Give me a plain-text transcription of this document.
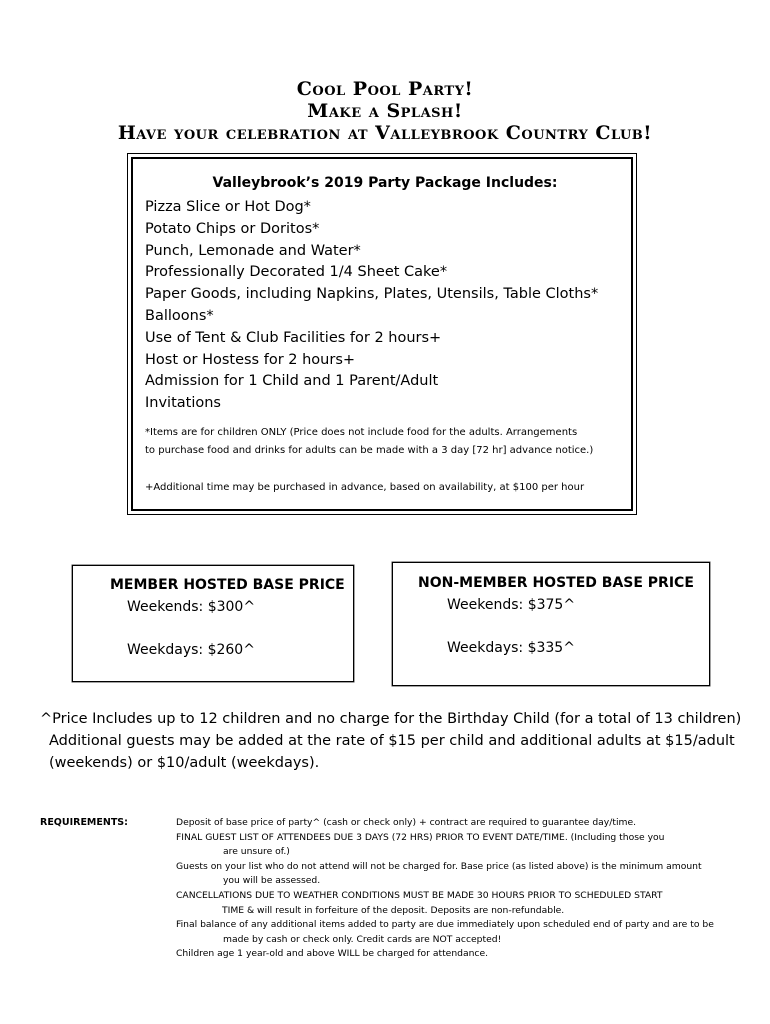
Cool Pool Party!
Make a Splash!
Have your celebration at Valleybrook Country Club!
Valleybrook’s 2019 Party Package Includes:
Pizza Slice or Hot Dog*
Potato Chips or Doritos*
Punch, Lemonade and Water*
Professionally Decorated 1/4 Sheet Cake*
Paper Goods, including Napkins, Plates, Utensils, Table Cloths*
Balloons*
Use of Tent & Club Facilities for 2 hours+
Host or Hostess for 2 hours+
Admission for 1 Child and 1 Parent/Adult
Invitations
*Items are for children ONLY (Price does not include food for the adults. Arrangements
to purchase food and drinks for adults can be made with a 3 day [72 hr] advance notice.)
+Additional time may be purchased in advance, based on availability, at $100 per hour
MEMBER HOSTED BASE PRICE
Weekends: $300^
Weekdays: $260^
NON-MEMBER HOSTED BASE PRICE
Weekends: $375^
Weekdays: $335^

^Price Includes up to 12 children and no charge for the Birthday Child (for a total of 13 children)

Additional guests may be added at the rate of $15 per child and additional adults at $15/adult

(weekends) or $10/adult (weekdays).

REQUIREMENTS:	Deposit of base price of party^ (cash or check only) + contract are required to guarantee day/time.
FINAL GUEST LIST OF ATTENDEES DUE 3 DAYS (72 HRS) PRIOR TO EVENT DATE/TIME. (Including those you
are unsure of.)
Guests on your list who do not attend will not be charged for. Base price (as listed above) is the minimum amount
you will be assessed.
CANCELLATIONS DUE TO WEATHER CONDITIONS MUST BE MADE 30 HOURS PRIOR TO SCHEDULED START
TIME & will result in forfeiture of the deposit. Deposits are non-refundable.
Final balance of any additional items added to party are due immediately upon scheduled end of party and are to be
made by cash or check only. Credit cards are NOT accepted!
Children age 1 year-old and above WILL be charged for attendance.
